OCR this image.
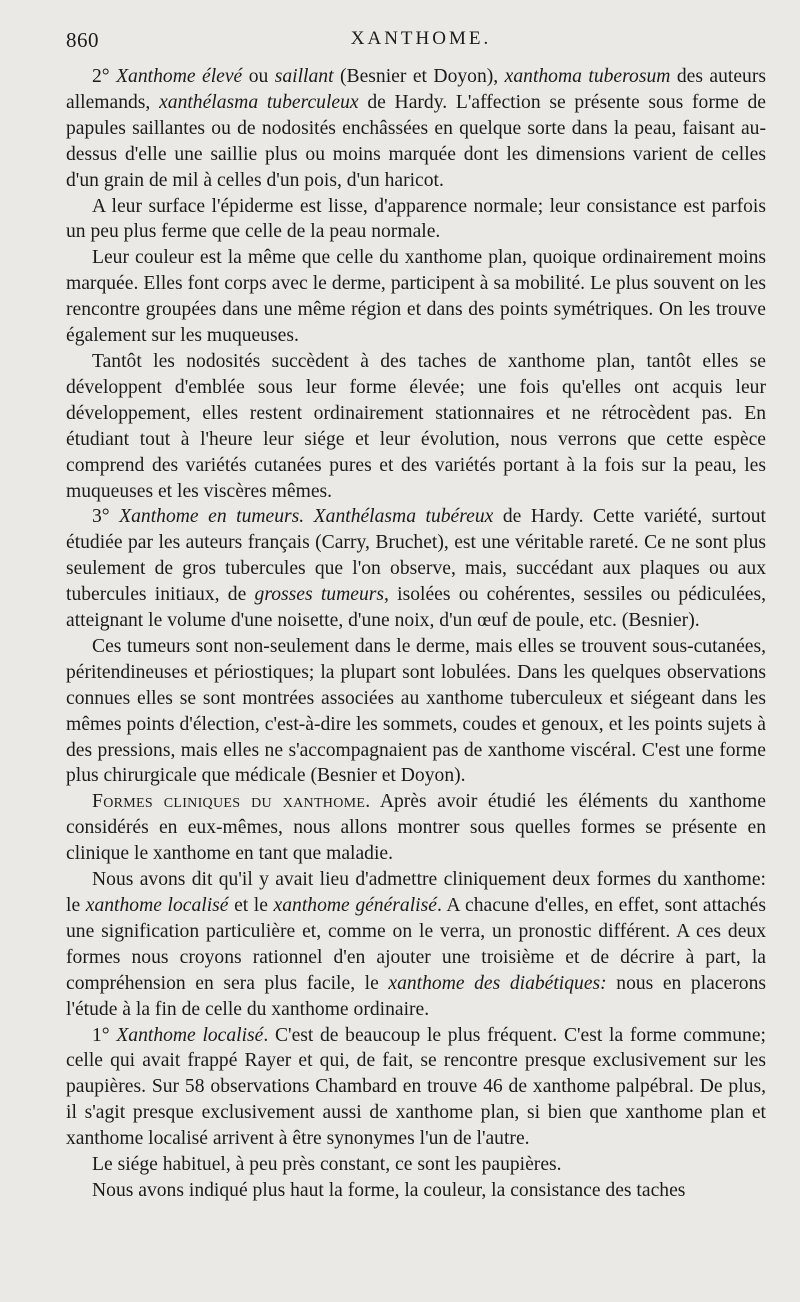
860	XANTHOME.

2° Xanthome élevé ou saillant (Besnier et Doyon), xanthoma tuberosum des auteurs allemands, xanthélasma tuberculeux de Hardy. L'affection se présente sous forme de papules saillantes ou de nodosités enchâssées en quelque sorte dans la peau, faisant au-dessus d'elle une saillie plus ou moins marquée dont les dimensions varient de celles d'un grain de mil à celles d'un pois, d'un haricot.

A leur surface l'épiderme est lisse, d'apparence normale; leur consistance est parfois un peu plus ferme que celle de la peau normale.

Leur couleur est la même que celle du xanthome plan, quoique ordinairement moins marquée. Elles font corps avec le derme, participent à sa mobilité. Le plus souvent on les rencontre groupées dans une même région et dans des points symétriques. On les trouve également sur les muqueuses.

Tantôt les nodosités succèdent à des taches de xanthome plan, tantôt elles se développent d'emblée sous leur forme élevée; une fois qu'elles ont acquis leur développement, elles restent ordinairement stationnaires et ne rétrocèdent pas. En étudiant tout à l'heure leur siége et leur évolution, nous verrons que cette espèce comprend des variétés cutanées pures et des variétés portant à la fois sur la peau, les muqueuses et les viscères mêmes.

3° Xanthome en tumeurs. Xanthélasma tubéreux de Hardy. Cette variété, surtout étudiée par les auteurs français (Carry, Bruchet), est une véritable rareté. Ce ne sont plus seulement de gros tubercules que l'on observe, mais, succédant aux plaques ou aux tubercules initiaux, de grosses tumeurs, isolées ou cohérentes, sessiles ou pédiculées, atteignant le volume d'une noisette, d'une noix, d'un œuf de poule, etc. (Besnier).

Ces tumeurs sont non-seulement dans le derme, mais elles se trouvent sous-cutanées, péritendineuses et périostiques; la plupart sont lobulées. Dans les quelques observations connues elles se sont montrées associées au xanthome tuberculeux et siégeant dans les mêmes points d'élection, c'est-à-dire les sommets, coudes et genoux, et les points sujets à des pressions, mais elles ne s'accompagnaient pas de xanthome viscéral. C'est une forme plus chirurgicale que médicale (Besnier et Doyon).

Formes cliniques du xanthome. Après avoir étudié les éléments du xanthome considérés en eux-mêmes, nous allons montrer sous quelles formes se présente en clinique le xanthome en tant que maladie.

Nous avons dit qu'il y avait lieu d'admettre cliniquement deux formes du xanthome: le xanthome localisé et le xanthome généralisé. A chacune d'elles, en effet, sont attachés une signification particulière et, comme on le verra, un pronostic différent. A ces deux formes nous croyons rationnel d'en ajouter une troisième et de décrire à part, la compréhension en sera plus facile, le xanthome des diabétiques: nous en placerons l'étude à la fin de celle du xanthome ordinaire.

1° Xanthome localisé. C'est de beaucoup le plus fréquent. C'est la forme commune; celle qui avait frappé Rayer et qui, de fait, se rencontre presque exclusivement sur les paupières. Sur 58 observations Chambard en trouve 46 de xanthome palpébral. De plus, il s'agit presque exclusivement aussi de xanthome plan, si bien que xanthome plan et xanthome localisé arrivent à être synonymes l'un de l'autre.

Le siége habituel, à peu près constant, ce sont les paupières.

Nous avons indiqué plus haut la forme, la couleur, la consistance des taches
